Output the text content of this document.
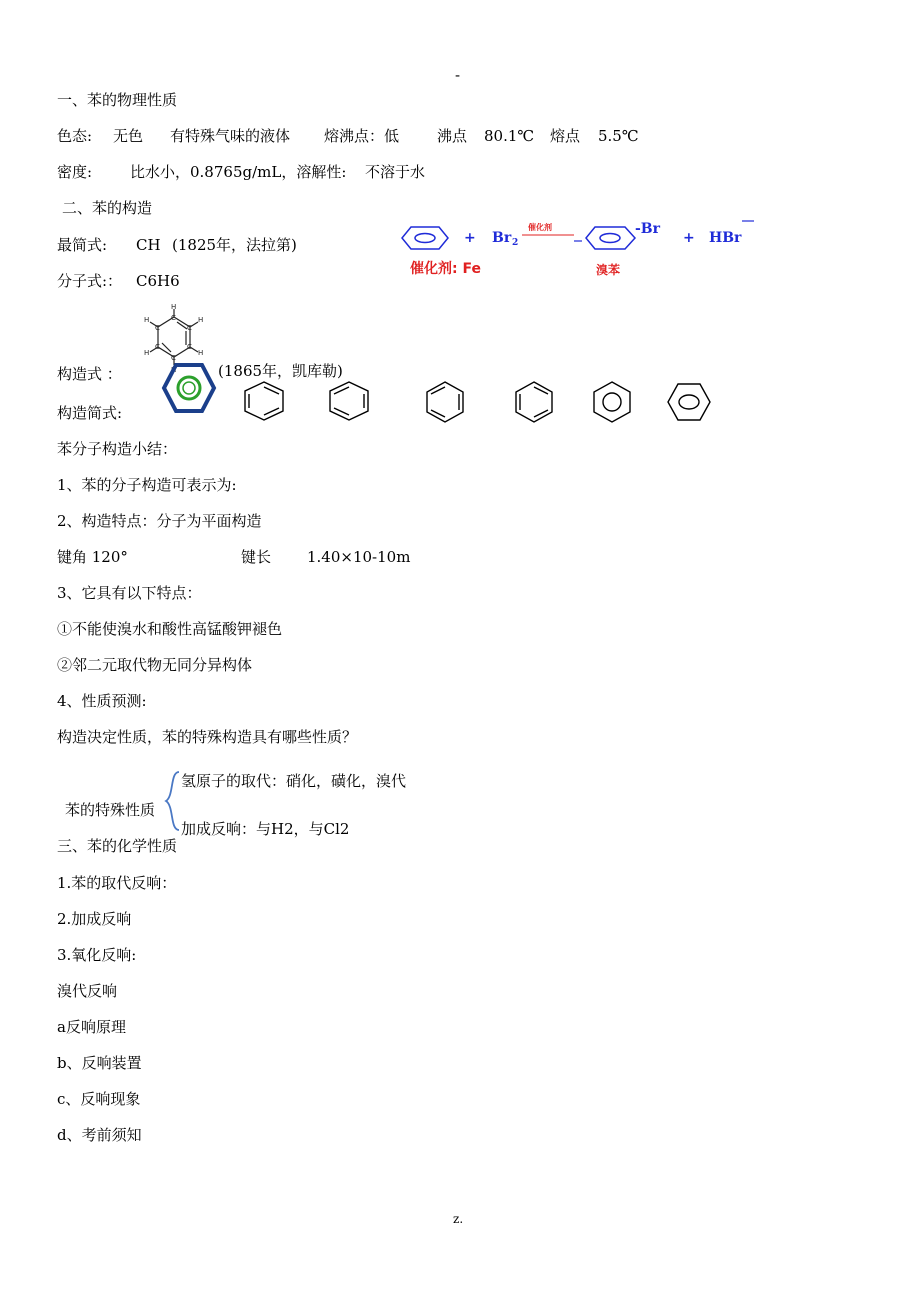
-
z.
一、苯的物理性质
色态: 无色 有特殊气味的液体 熔沸点：低	沸点 80.1℃ 熔点 5.5℃
密度:	比水小，0.8765g/mL，溶解性: 不溶于水
二、苯的构造
最简式: CH (1825年，法拉第)
分子式:： C6H6
+ Br 2
催化剂	-Br
+ HBr
催化剂: Fe	溴苯
H
H
H
H
H
H	C
C
C
C
C
C
构造式 ：	(1865年，凯库勒)
构造简式:
苯分子构造小结：
1、苯的分子构造可表示为:
2、构造特点：分子为平面构造
键角 120°	键长 1.40×10-10m
3、它具有以下特点：
①不能使溴水和酸性高锰酸钾褪色
②邻二元取代物无同分异构体
4、性质预测:
构造决定性质，苯的特殊构造具有哪些性质？
苯的特殊性质
氢原子的取代：硝化，磺化，溴代
加成反响：与H2，与Cl2
三、苯的化学性质
1.苯的取代反响：
2.加成反响
3.氧化反响:
溴代反响
a反响原理
b、反响装置
c、反响现象
d、考前须知
